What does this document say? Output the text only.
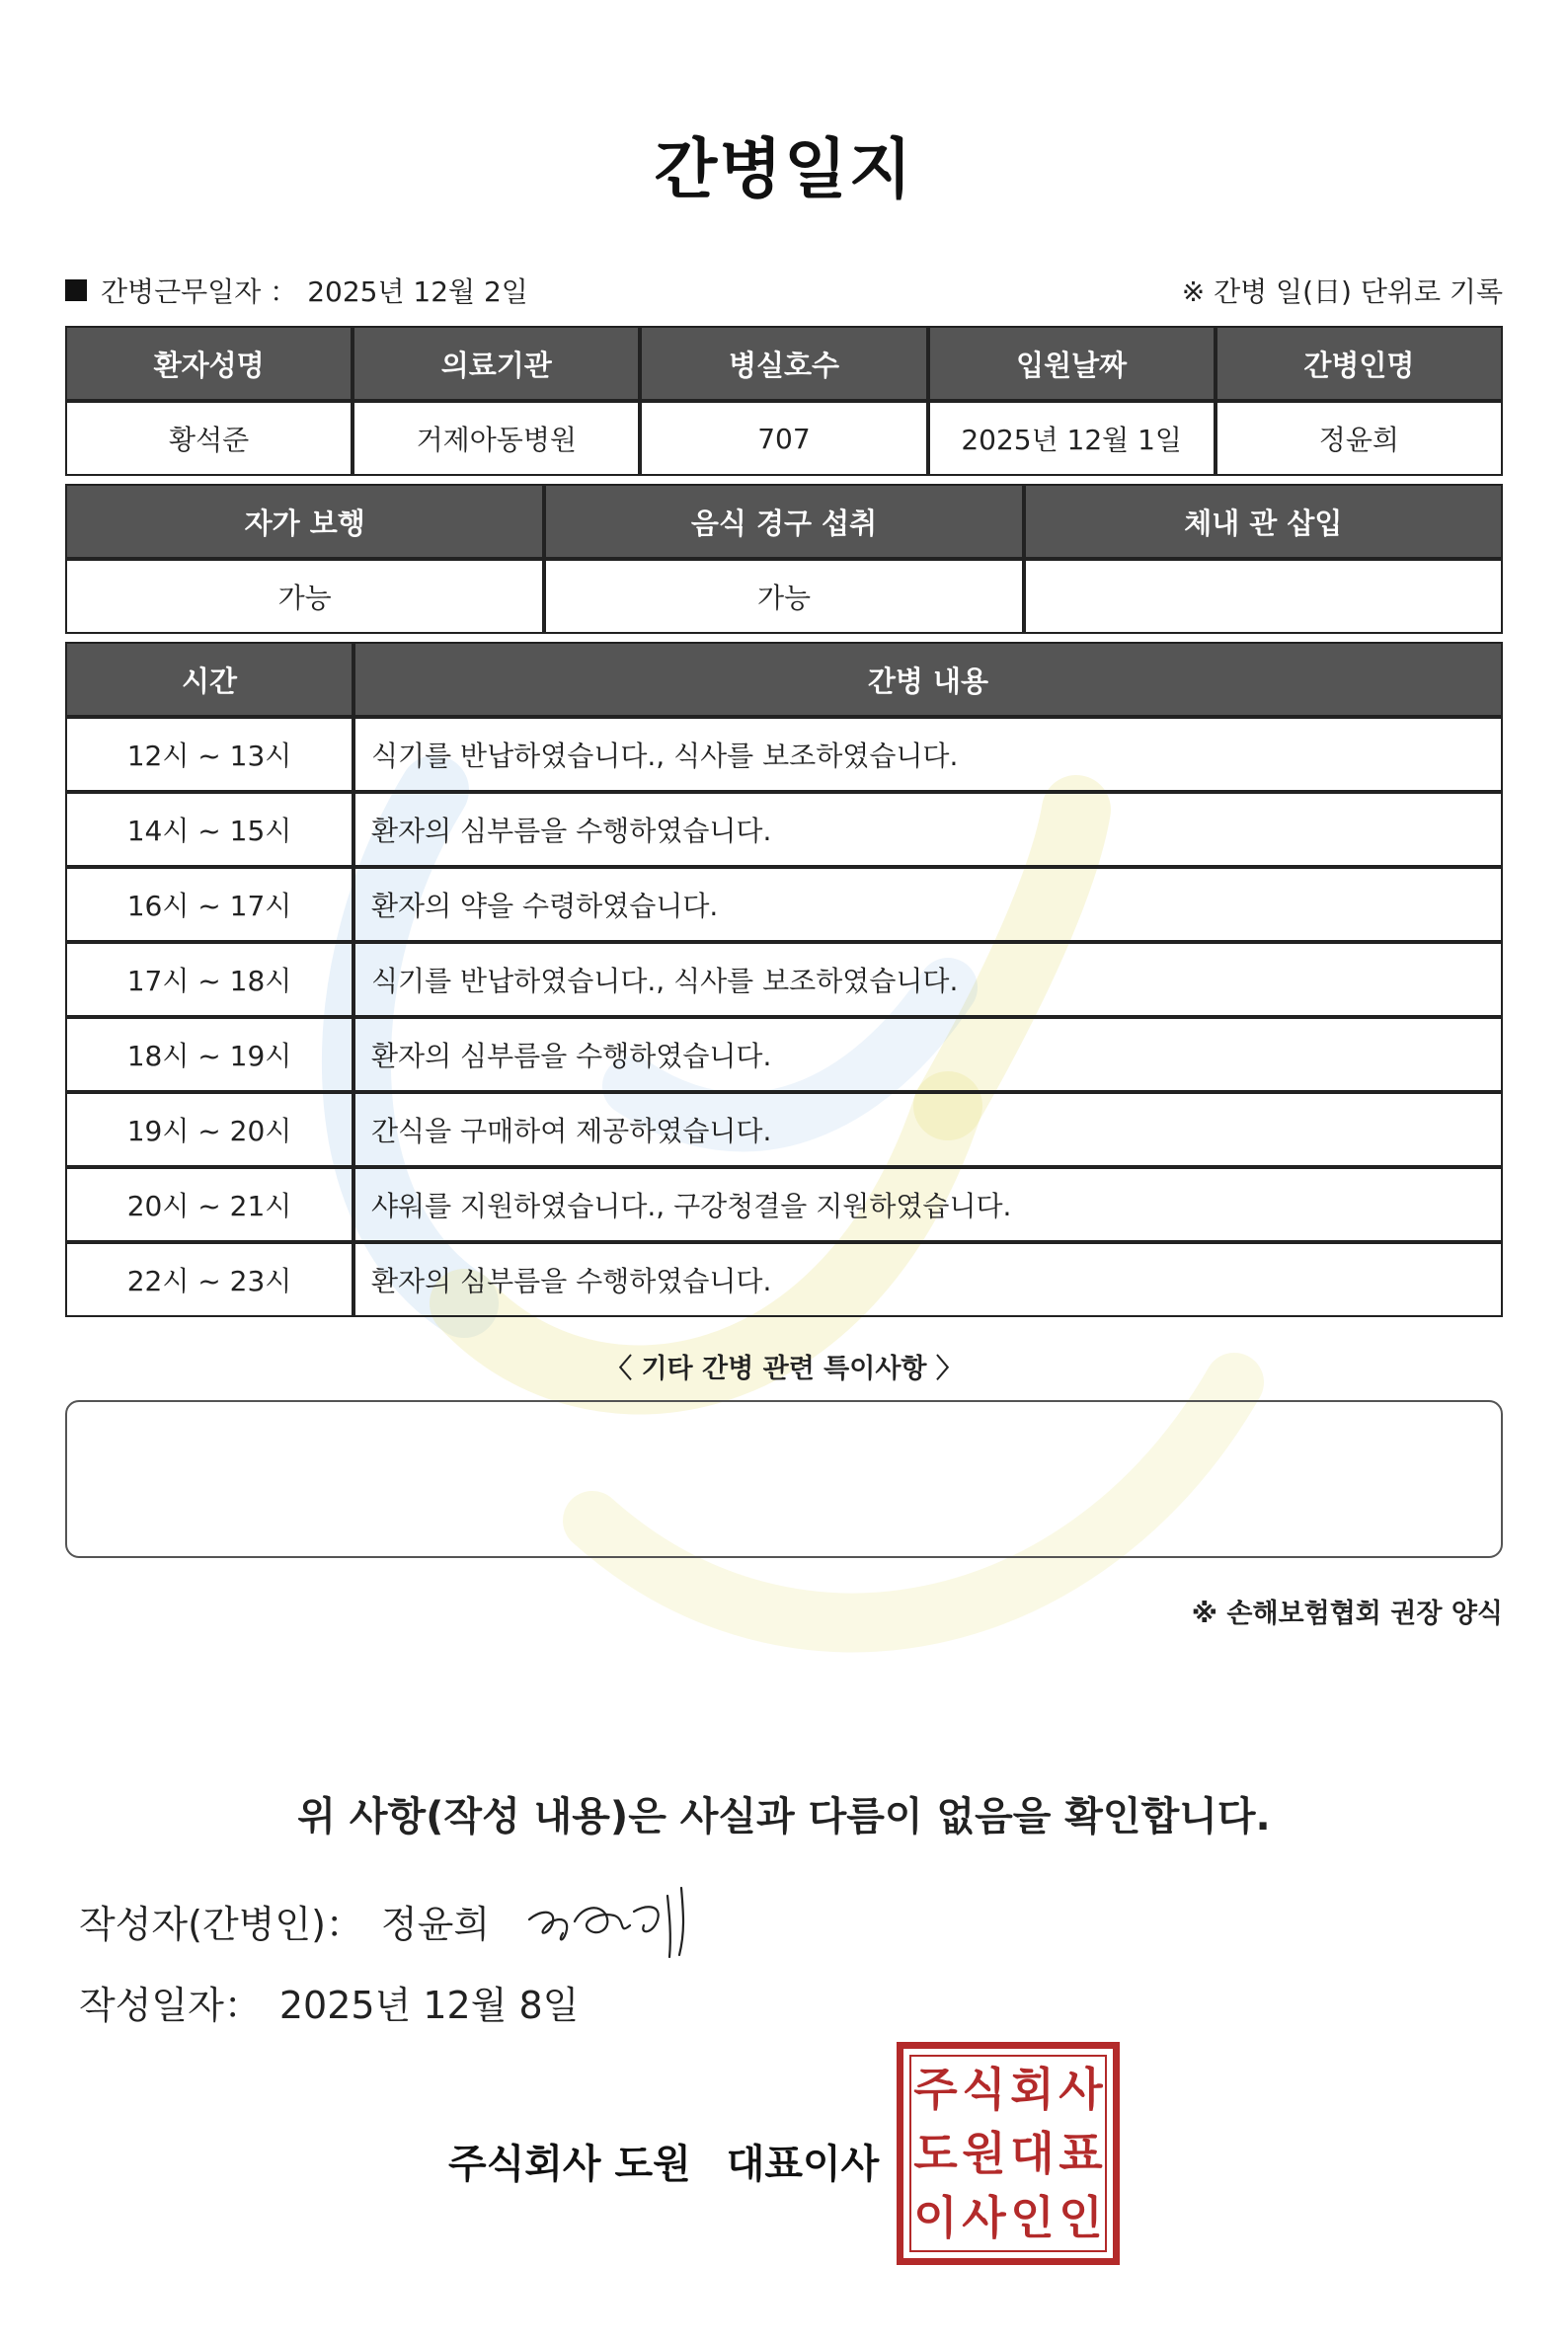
간병일지
간병근무일자 ： 2025년 12월 2일	※ 간병 일(日) 단위로 기록
환자성명	의료기관	병실호수	입원날짜	간병인명
황석준	거제아동병원	707	2025년 12월 1일	정윤희
자가 보행	음식 경구 섭취	체내 관 삽입
가능	가능	
시간	간병 내용
12시 ~ 13시	식기를 반납하였습니다., 식사를 보조하였습니다.
14시 ~ 15시	환자의 심부름을 수행하였습니다.
16시 ~ 17시	환자의 약을 수령하였습니다.
17시 ~ 18시	식기를 반납하였습니다., 식사를 보조하였습니다.
18시 ~ 19시	환자의 심부름을 수행하였습니다.
19시 ~ 20시	간식을 구매하여 제공하였습니다.
20시 ~ 21시	샤워를 지원하였습니다., 구강청결을 지원하였습니다.
22시 ~ 23시	환자의 심부름을 수행하였습니다.
〈 기타 간병 관련 특이사항 〉
※ 손해보험협회 권장 양식
위 사항(작성 내용)은 사실과 다름이 없음을 확인합니다.
작성자(간병인)： 정윤희
작성일자： 2025년 12월 8일
주식회사 도원 대표이사
주 식 회 사
도 원 대 표
이 사 인 인
